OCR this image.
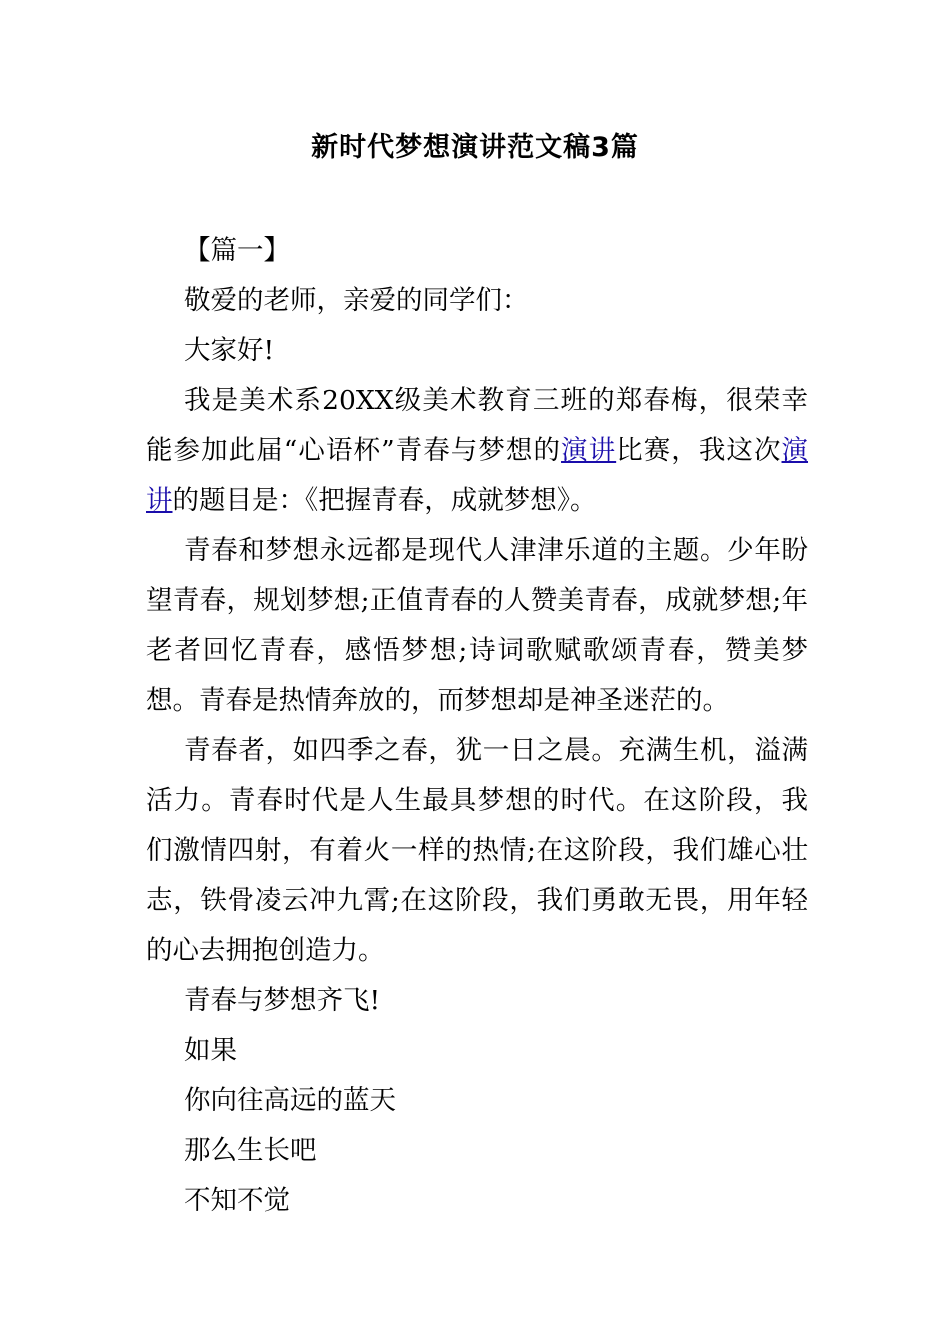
新时代梦想演讲范文稿3篇

【篇一】

敬爱的老师，亲爱的同学们：

大家好!

我是美术系20XX级美术教育三班的郑春梅，很荣幸能参加此届“心语杯”青春与梦想的演讲比赛，我这次演讲的题目是：《把握青春，成就梦想》。

青春和梦想永远都是现代人津津乐道的主题。少年盼望青春，规划梦想;正值青春的人赞美青春，成就梦想;年老者回忆青春，感悟梦想;诗词歌赋歌颂青春，赞美梦想。青春是热情奔放的，而梦想却是神圣迷茫的。

青春者，如四季之春，犹一日之晨。充满生机，溢满活力。青春时代是人生最具梦想的时代。在这阶段，我们激情四射，有着火一样的热情;在这阶段，我们雄心壮志，铁骨凌云冲九霄;在这阶段，我们勇敢无畏，用年轻的心去拥抱创造力。

青春与梦想齐飞!

如果

你向往高远的蓝天

那么生长吧

不知不觉
